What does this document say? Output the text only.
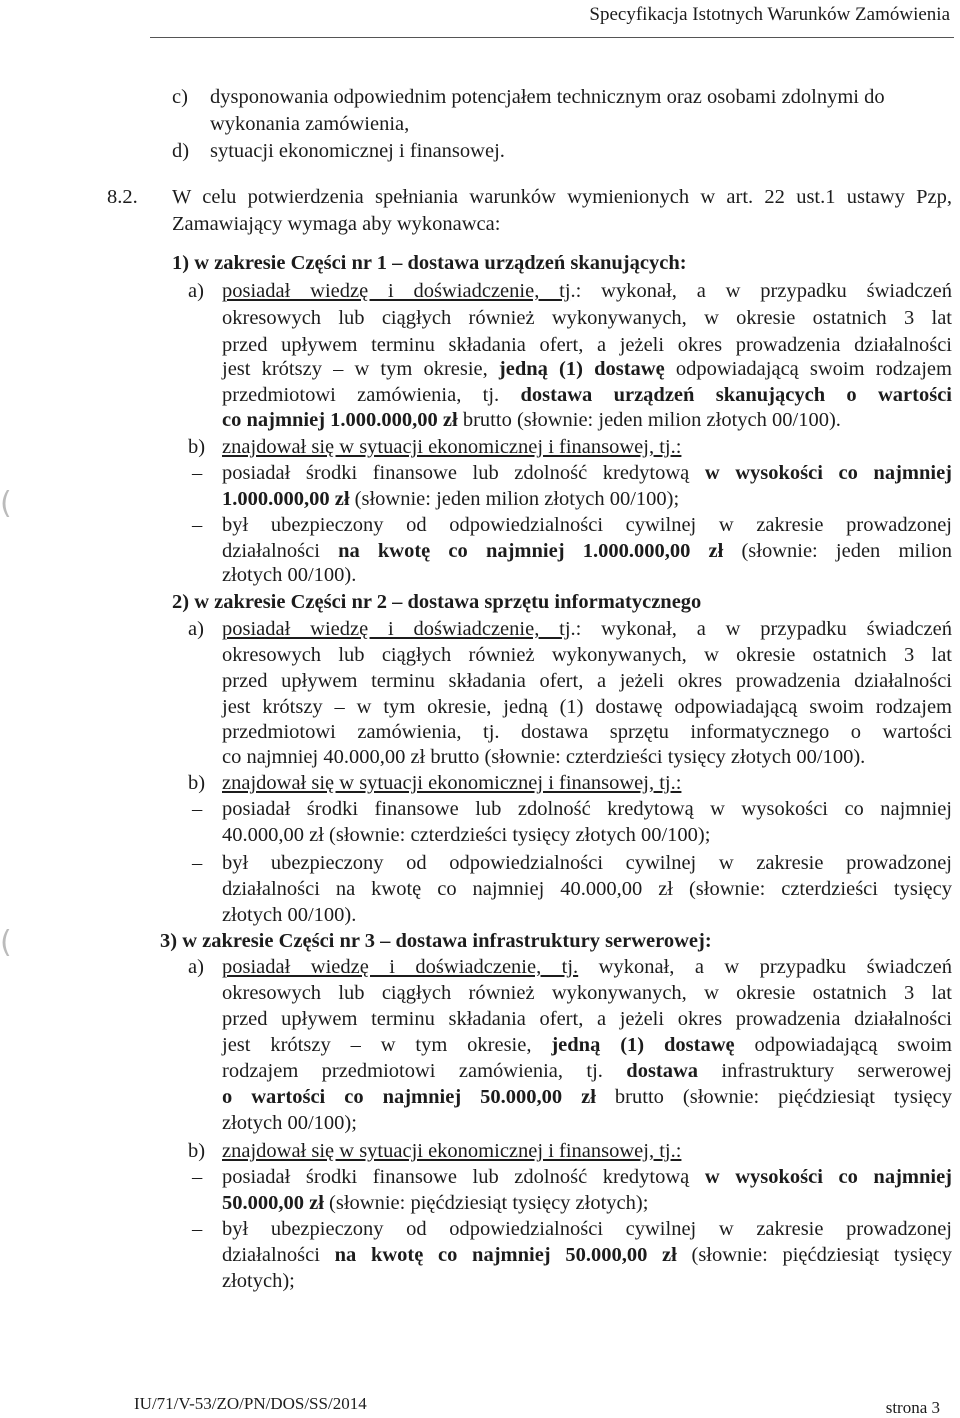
Specyfikacja Istotnych Warunków Zamówienia
c) dysponowania odpowiednim potencjałem technicznym oraz osobami zdolnymi do
wykonania zamówienia,
d) sytuacji ekonomicznej i finansowej.
8.2. W celu potwierdzenia spełniania warunków wymienionych w art. 22 ust.1 ustawy Pzp,
Zamawiający wymaga aby wykonawca:
1) w zakresie Części nr 1 – dostawa urządzeń skanujących:
a) posiadał wiedzę i doświadczenie, tj.: wykonał, a w przypadku świadczeń
okresowych lub ciągłych również wykonywanych, w okresie ostatnich 3 lat
przed upływem terminu składania ofert, a jeżeli okres prowadzenia działalności
jest krótszy – w tym okresie, jedną (1) dostawę odpowiadającą swoim rodzajem
przedmiotowi zamówienia, tj. dostawa urządzeń skanujących o wartości
co najmniej 1.000.000,00 zł brutto (słownie: jeden milion złotych 00/100).
b) znajdował się w sytuacji ekonomicznej i finansowej, tj.:
– posiadał środki finansowe lub zdolność kredytową w wysokości co najmniej
1.000.000,00 zł (słownie: jeden milion złotych 00/100);
– był ubezpieczony od odpowiedzialności cywilnej w zakresie prowadzonej
działalności na kwotę co najmniej 1.000.000,00 zł (słownie: jeden milion
złotych 00/100).
2) w zakresie Części nr 2 – dostawa sprzętu informatycznego
a) posiadał wiedzę i doświadczenie, tj.: wykonał, a w przypadku świadczeń
okresowych lub ciągłych również wykonywanych, w okresie ostatnich 3 lat
przed upływem terminu składania ofert, a jeżeli okres prowadzenia działalności
jest krótszy – w tym okresie, jedną (1) dostawę odpowiadającą swoim rodzajem
przedmiotowi zamówienia, tj. dostawa sprzętu informatycznego o wartości
co najmniej 40.000,00 zł brutto (słownie: czterdzieści tysięcy złotych 00/100).
b) znajdował się w sytuacji ekonomicznej i finansowej, tj.:
– posiadał środki finansowe lub zdolność kredytową w wysokości co najmniej
40.000,00 zł (słownie: czterdzieści tysięcy złotych 00/100);
– był ubezpieczony od odpowiedzialności cywilnej w zakresie prowadzonej
działalności na kwotę co najmniej 40.000,00 zł (słownie: czterdzieści tysięcy
złotych 00/100).
3) w zakresie Części nr 3 – dostawa infrastruktury serwerowej:
a) posiadał wiedzę i doświadczenie, tj. wykonał, a w przypadku świadczeń
okresowych lub ciągłych również wykonywanych, w okresie ostatnich 3 lat
przed upływem terminu składania ofert, a jeżeli okres prowadzenia działalności
jest krótszy – w tym okresie, jedną (1) dostawę odpowiadającą swoim
rodzajem przedmiotowi zamówienia, tj. dostawa infrastruktury serwerowej
o wartości co najmniej 50.000,00 zł brutto (słownie: pięćdziesiąt tysięcy
złotych 00/100);
b) znajdował się w sytuacji ekonomicznej i finansowej, tj.:
– posiadał środki finansowe lub zdolność kredytową w wysokości co najmniej
50.000,00 zł (słownie: pięćdziesiąt tysięcy złotych);
– był ubezpieczony od odpowiedzialności cywilnej w zakresie prowadzonej
działalności na kwotę co najmniej 50.000,00 zł (słownie: pięćdziesiąt tysięcy
złotych);
(
(
IU/71/V-53/ZO/PN/DOS/SS/2014	strona 3
